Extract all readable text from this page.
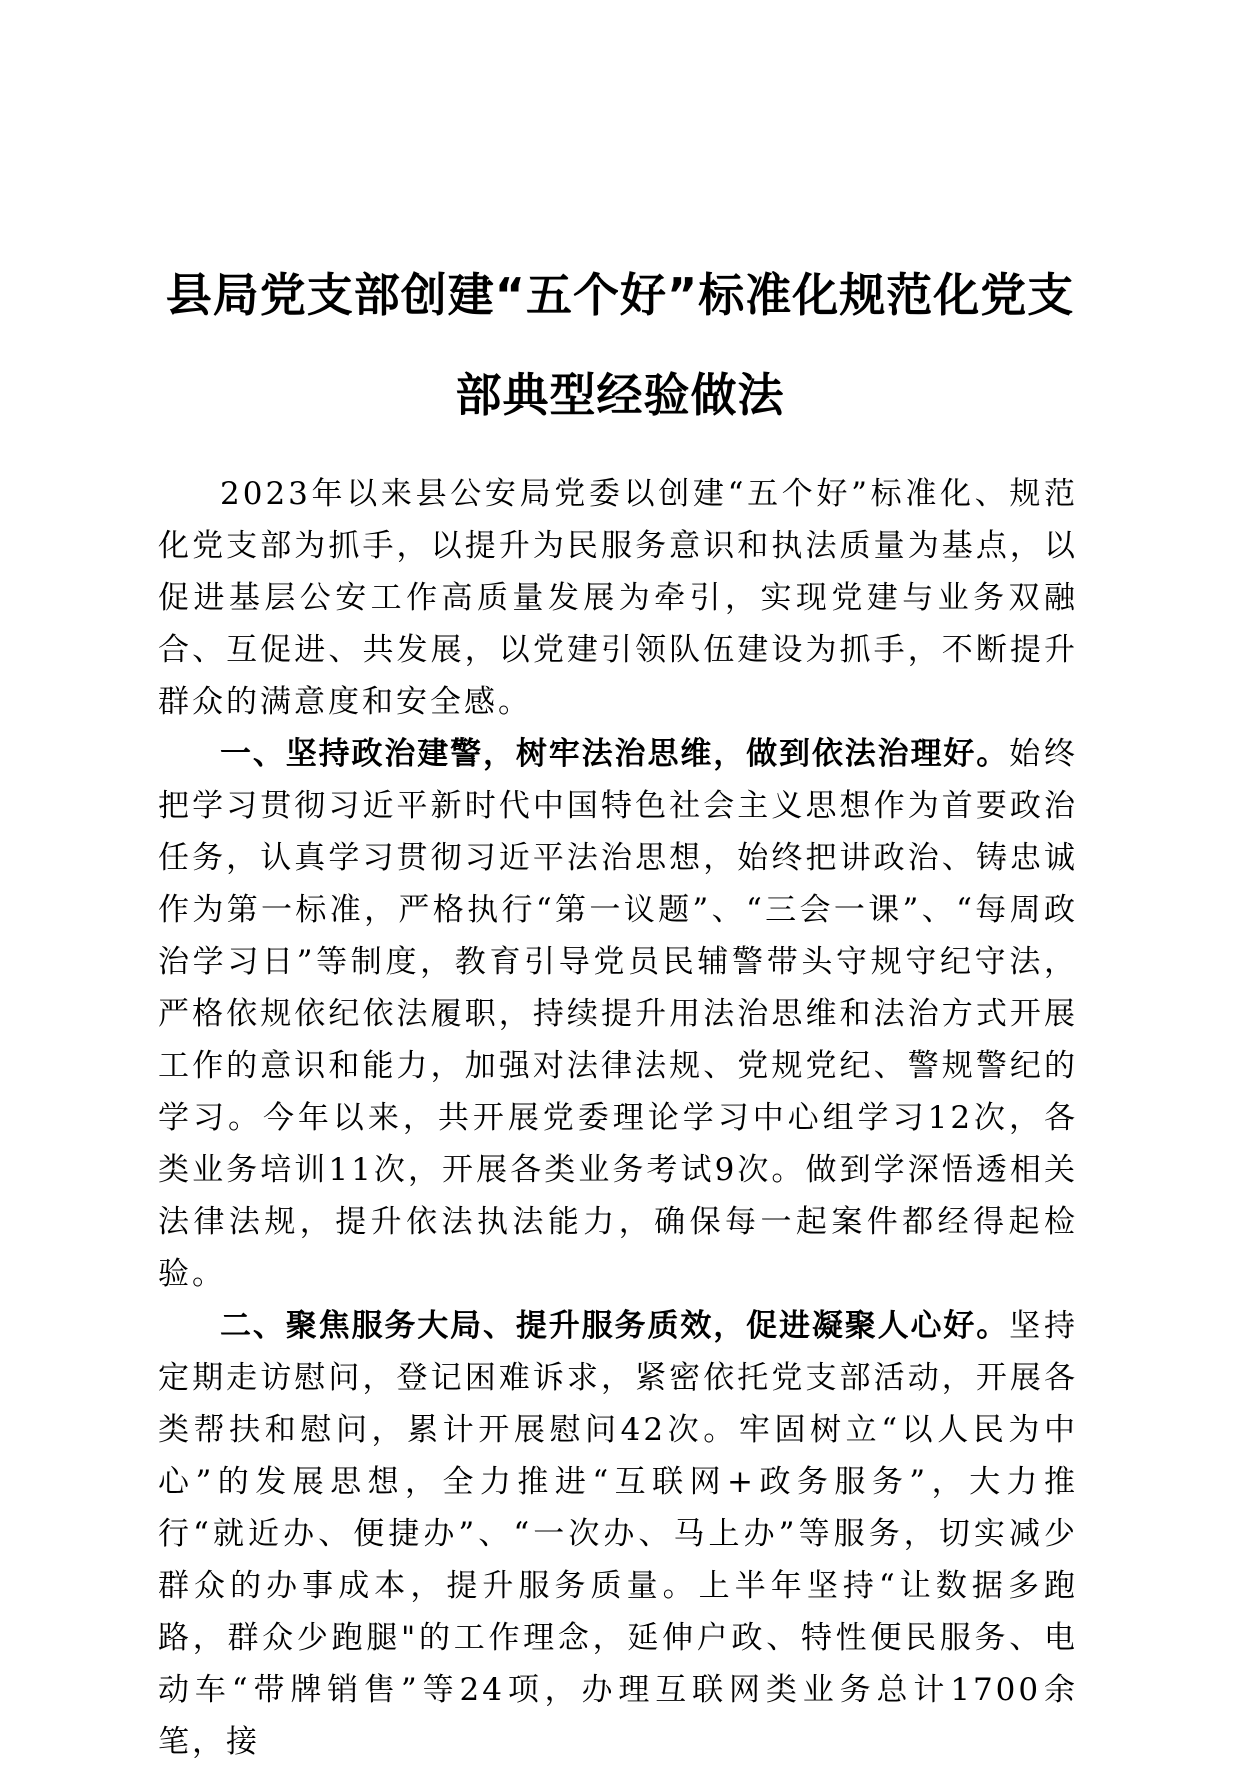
县局党支部创建“五个好”标准化规范化党支部典型经验做法

2023年以来县公安局党委以创建“五个好”标准化、规范化党支部为抓手，以提升为民服务意识和执法质量为基点，以促进基层公安工作高质量发展为牵引，实现党建与业务双融合、互促进、共发展，以党建引领队伍建设为抓手，不断提升群众的满意度和安全感。

一、坚持政治建警，树牢法治思维，做到依法治理好。始终把学习贯彻习近平新时代中国特色社会主义思想作为首要政治任务，认真学习贯彻习近平法治思想，始终把讲政治、铸忠诚作为第一标准，严格执行“第一议题”、“三会一课”、“每周政治学习日”等制度，教育引导党员民辅警带头守规守纪守法，严格依规依纪依法履职，持续提升用法治思维和法治方式开展工作的意识和能力，加强对法律法规、党规党纪、警规警纪的学习。今年以来，共开展党委理论学习中心组学习12次，各类业务培训11次，开展各类业务考试9次。做到学深悟透相关法律法规，提升依法执法能力，确保每一起案件都经得起检验。

二、聚焦服务大局、提升服务质效，促进凝聚人心好。坚持定期走访慰问，登记困难诉求，紧密依托党支部活动，开展各类帮扶和慰问，累计开展慰问42次。牢固树立“以人民为中心”的发展思想，全力推进“互联网+政务服务”，大力推行“就近办、便捷办”、“一次办、马上办”等服务，切实减少群众的办事成本，提升服务质量。上半年坚持“让数据多跑路，群众少跑腿"的工作理念，延伸户政、特性便民服务、电动车“带牌销售”等24项，办理互联网类业务总计1700余笔，接
